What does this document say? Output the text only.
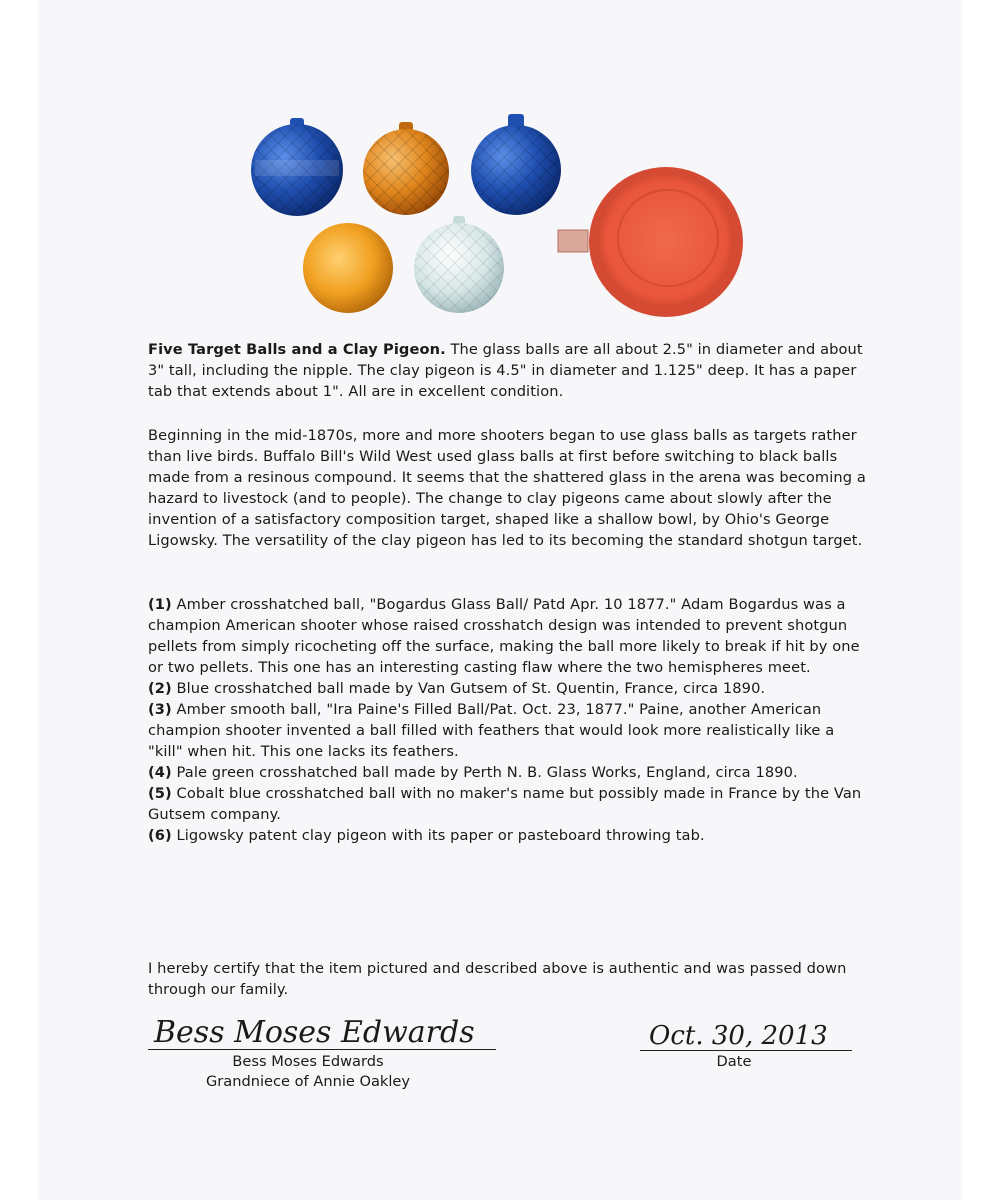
Five Target Balls and a Clay Pigeon. The glass balls are all about 2.5" in diameter and about 3" tall, including the nipple. The clay pigeon is 4.5" in diameter and 1.125" deep. It has a paper tab that extends about 1". All are in excellent condition.

Beginning in the mid-1870s, more and more shooters began to use glass balls as targets rather than live birds. Buffalo Bill's Wild West used glass balls at first before switching to black balls made from a resinous compound. It seems that the shattered glass in the arena was becoming a hazard to livestock (and to people). The change to clay pigeons came about slowly after the invention of a satisfactory composition target, shaped like a shallow bowl, by Ohio's George Ligowsky. The versatility of the clay pigeon has led to its becoming the standard shotgun target.

(1) Amber crosshatched ball, "Bogardus Glass Ball/ Patd Apr. 10 1877." Adam Bogardus was a champion American shooter whose raised crosshatch design was intended to prevent shotgun pellets from simply ricocheting off the surface, making the ball more likely to break if hit by one or two pellets. This one has an interesting casting flaw where the two hemispheres meet.

(2) Blue crosshatched ball made by Van Gutsem of St. Quentin, France, circa 1890.

(3) Amber smooth ball, "Ira Paine's Filled Ball/Pat. Oct. 23, 1877." Paine, another American champion shooter invented a ball filled with feathers that would look more realistically like a "kill" when hit. This one lacks its feathers.

(4) Pale green crosshatched ball made by Perth N. B. Glass Works, England, circa 1890.

(5) Cobalt blue crosshatched ball with no maker's name but possibly made in France by the Van Gutsem company.

(6) Ligowsky patent clay pigeon with its paper or pasteboard throwing tab.

I hereby certify that the item pictured and described above is authentic and was passed down through our family.

Bess Moses Edwards
Bess Moses Edwards
Grandniece of Annie Oakley
Oct. 30, 2013
Date
